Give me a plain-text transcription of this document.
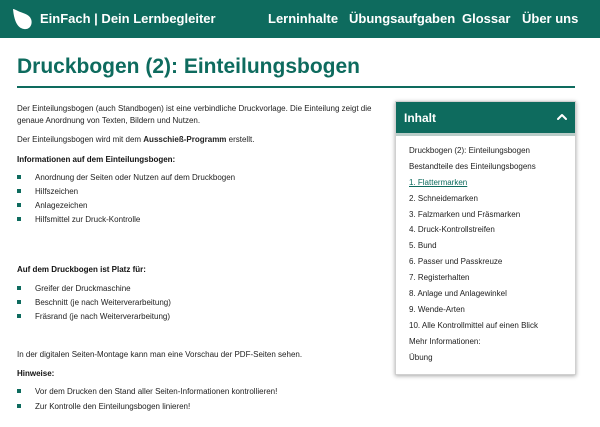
EinFach | Dein Lernbegleiter	Lerninhalte Übungsaufgaben Glossar Über uns
Druckbogen (2): Einteilungsbogen
Der Einteilungsbogen (auch Standbogen) ist eine verbindliche Druckvorlage. Die Einteilung zeigt die
genaue Anordnung von Texten, Bildern und Nutzen.
Der Einteilungsbogen wird mit dem Ausschieß-Programm erstellt.
Informationen auf dem Einteilungsbogen:
Anordnung der Seiten oder Nutzen auf dem Druckbogen
Hilfszeichen
Anlagezeichen
Hilfsmittel zur Druck-Kontrolle
Auf dem Druckbogen ist Platz für:
Greifer der Druckmaschine
Beschnitt (je nach Weiterverarbeitung)
Fräsrand (je nach Weiterverarbeitung)
In der digitalen Seiten-Montage kann man eine Vorschau der PDF-Seiten sehen.
Hinweise:
Vor dem Drucken den Stand aller Seiten-Informationen kontrollieren!
Zur Kontrolle den Einteilungsbogen linieren!
Inhalt
Druckbogen (2): Einteilungsbogen
Bestandteile des Einteilungsbogens
1. Flattermarken
2. Schneidemarken
3. Falzmarken und Fräsmarken
4. Druck-Kontrollstreifen
5. Bund
6. Passer und Passkreuze
7. Registerhalten
8. Anlage und Anlagewinkel
9. Wende-Arten
10. Alle Kontrollmittel auf einen Blick
Mehr Informationen:
Übung
